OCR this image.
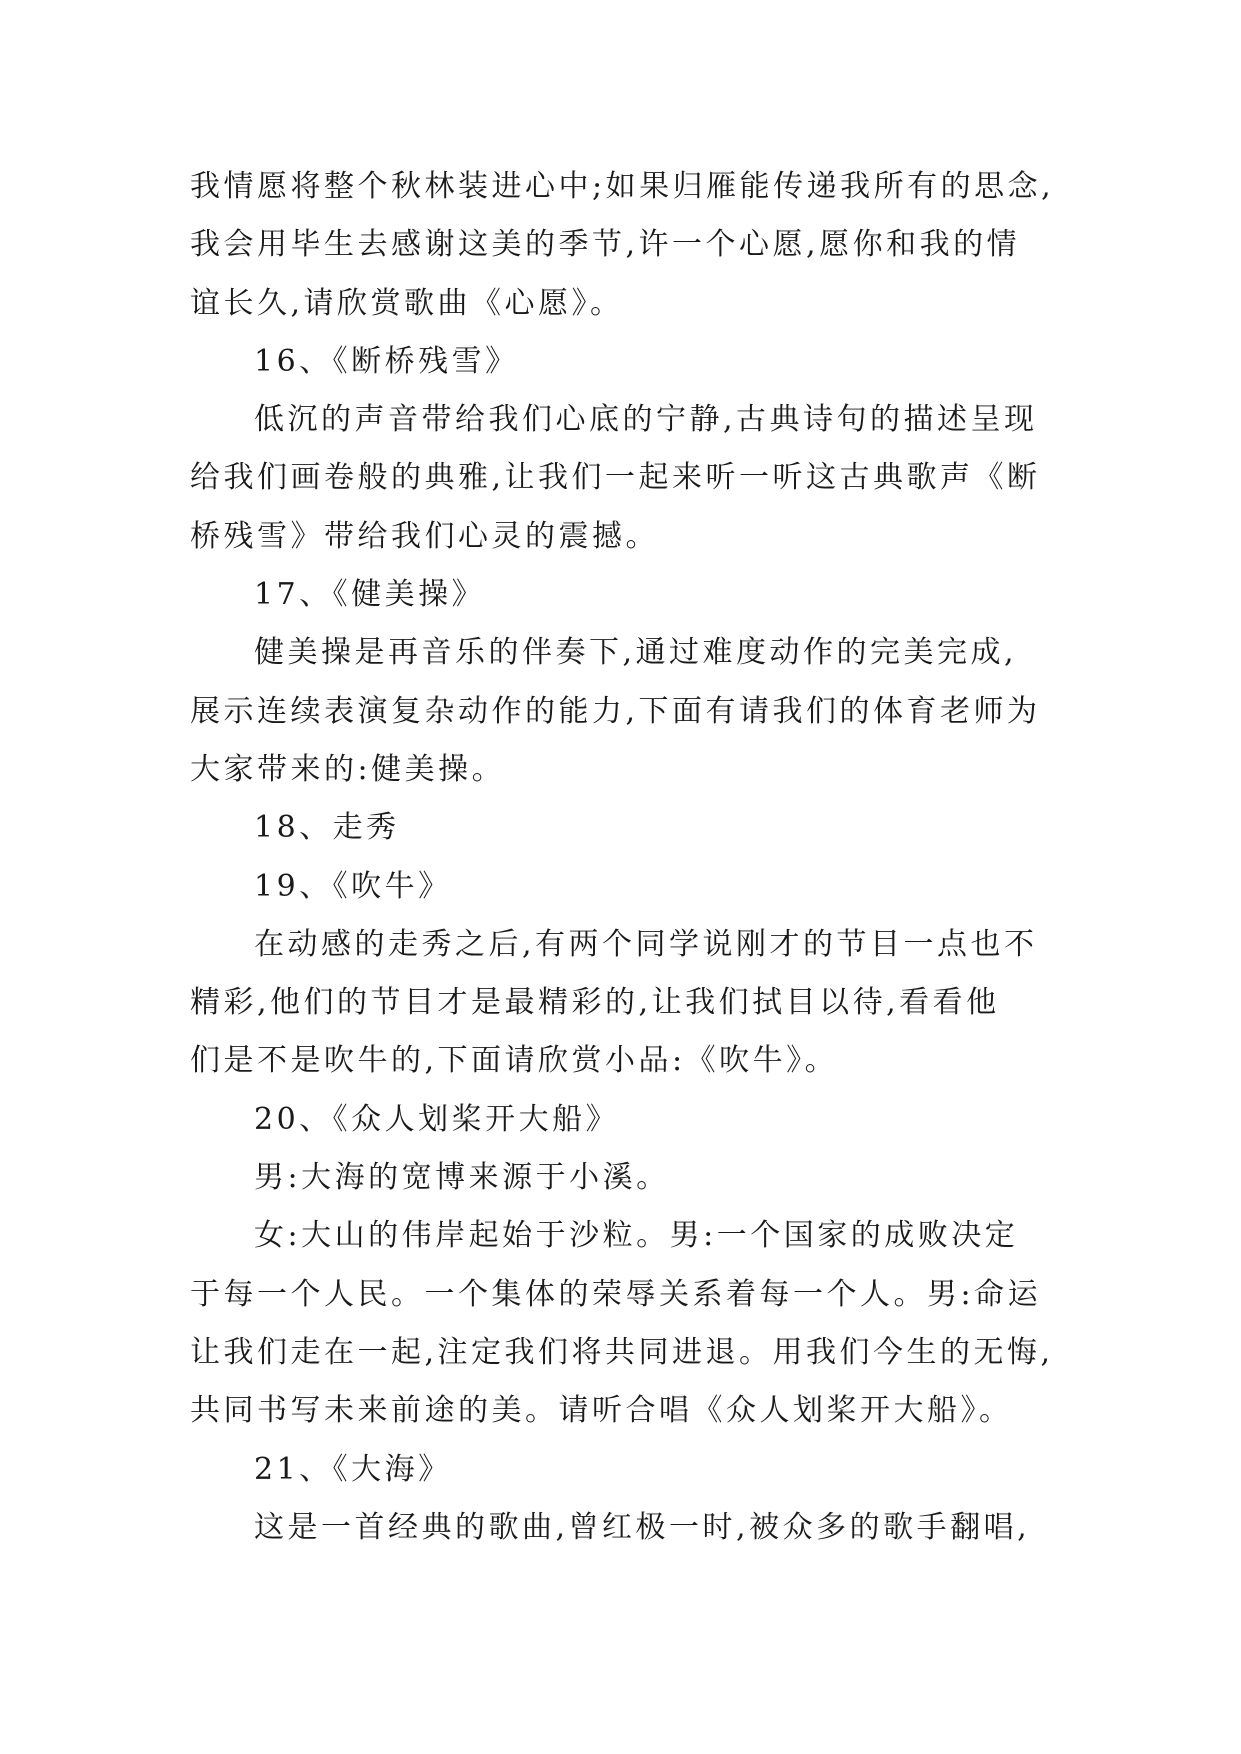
我情愿将整个秋林装进心中;如果归雁能传递我所有的思念,
我会用毕生去感谢这美的季节,许一个心愿,愿你和我的情
谊长久,请欣赏歌曲《心愿》。
16、《断桥残雪》
低沉的声音带给我们心底的宁静,古典诗句的描述呈现
给我们画卷般的典雅,让我们一起来听一听这古典歌声《断
桥残雪》带给我们心灵的震撼。
17、《健美操》
健美操是再音乐的伴奏下,通过难度动作的完美完成,
展示连续表演复杂动作的能力,下面有请我们的体育老师为
大家带来的:健美操。
18、走秀
19、《吹牛》
在动感的走秀之后,有两个同学说刚才的节目一点也不
精彩,他们的节目才是最精彩的,让我们拭目以待,看看他
们是不是吹牛的,下面请欣赏小品:《吹牛》。
20、《众人划桨开大船》
男:大海的宽博来源于小溪。
女:大山的伟岸起始于沙粒。男:一个国家的成败决定
于每一个人民。一个集体的荣辱关系着每一个人。男:命运
让我们走在一起,注定我们将共同进退。用我们今生的无悔,
共同书写未来前途的美。请听合唱《众人划桨开大船》。
21、《大海》
这是一首经典的歌曲,曾红极一时,被众多的歌手翻唱,
